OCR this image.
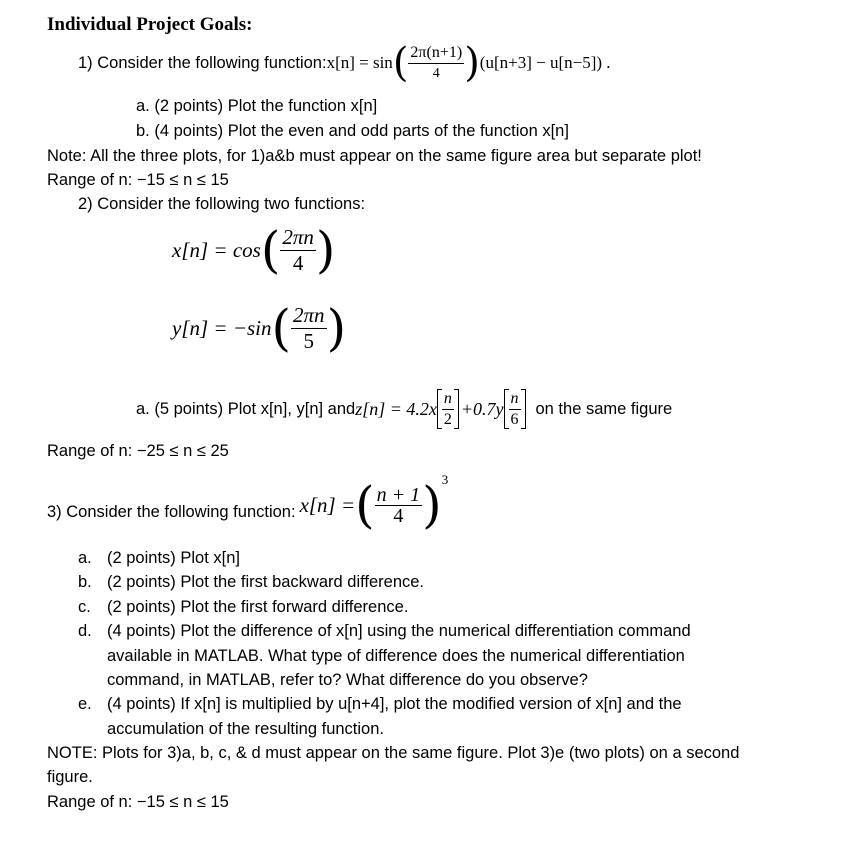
Individual Project Goals:
1) Consider the following function: x[n] = sin ( $\frac{2\pi(n+1)}{4}$ ) (u[n+3] − u[n−5]) .
a. (2 points) Plot the function x[n]
b. (4 points) Plot the even and odd parts of the function x[n]
Note: All the three plots, for 1)a&b must appear on the same figure area but separate plot!
Range of n: −15 ≤ n ≤ 15
2) Consider the following two functions:
x[n] = cos ( $\frac{2\pi n}{4}$ )
y[n] = −sin ( $\frac{2\pi n}{5}$ )
a. (5 points) Plot x[n], y[n] and $z[n] = 4.2x \frac{n}{2} +0.7y \frac{n}{6}$ on the same figure
Range of n: −25 ≤ n ≤ 25
3) Consider the following function: x[n] = ( $\frac{n + 1}{4}$ ) 3
a. (2 points) Plot x[n]
b. (2 points) Plot the first backward difference.
c. (2 points) Plot the first forward difference.
d. (4 points) Plot the difference of x[n] using the numerical differentiation command
available in MATLAB. What type of difference does the numerical differentiation
command, in MATLAB, refer to? What difference do you observe?
e. (4 points) If x[n] is multiplied by u[n+4], plot the modified version of x[n] and the
accumulation of the resulting function.
NOTE: Plots for 3)a, b, c, & d must appear on the same figure. Plot 3)e (two plots) on a second
figure.
Range of n: −15 ≤ n ≤ 15
